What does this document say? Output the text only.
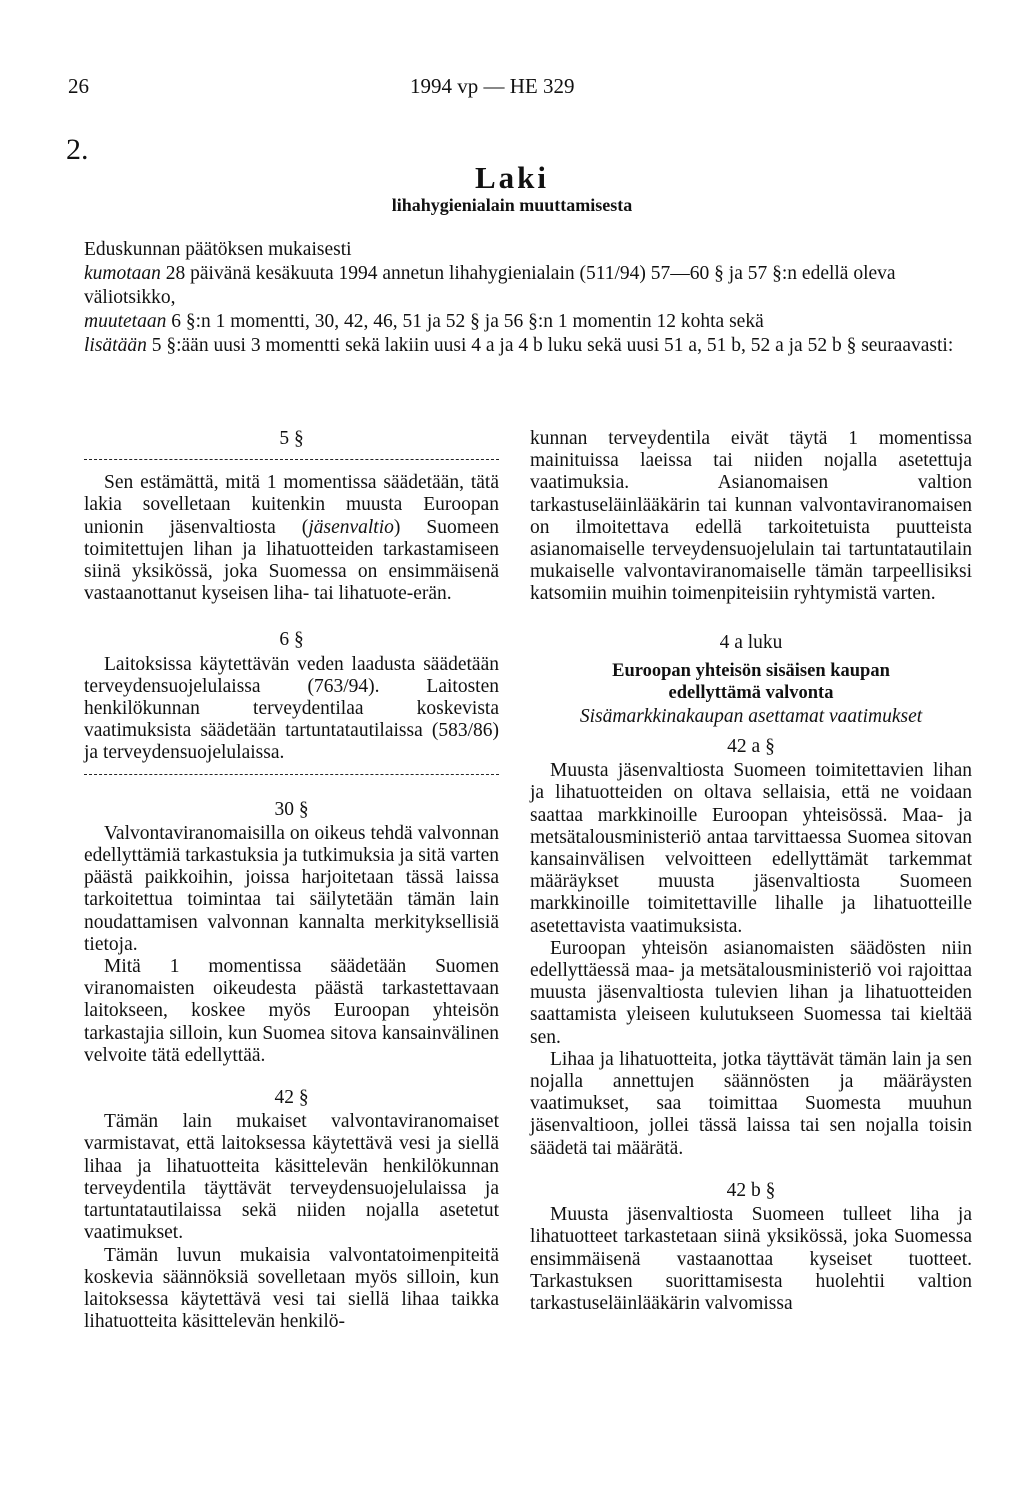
26	1994 vp — HE 329
2.
Laki
lihahygienialain muuttamisesta

Eduskunnan päätöksen mukaisesti

kumotaan 28 päivänä kesäkuuta 1994 annetun lihahygienialain (511/94) 57—60 § ja 57 §:n edellä oleva väliotsikko,

muutetaan 6 §:n 1 momentti, 30, 42, 46, 51 ja 52 § ja 56 §:n 1 momentin 12 kohta sekä

lisätään 5 §:ään uusi 3 momentti sekä lakiin uusi 4 a ja 4 b luku sekä uusi 51 a, 51 b, 52 a ja 52 b § seuraavasti:

5 §

Sen estämättä, mitä 1 momentissa säädetään, tätä lakia sovelletaan kuitenkin muusta Euroopan unionin jäsenvaltiosta (jäsenvaltio) Suomeen toimitettujen lihan ja lihatuotteiden tarkastamiseen siinä yksikössä, joka Suomessa on ensimmäisenä vastaanottanut kyseisen liha- tai lihatuote-erän.

6 §

Laitoksissa käytettävän veden laadusta säädetään terveydensuojelulaissa (763/94). Laitosten henkilökunnan terveydentilaa koskevista vaatimuksista säädetään tartuntatautilaissa (583/86) ja terveydensuojelulaissa.

30 §

Valvontaviranomaisilla on oikeus tehdä valvonnan edellyttämiä tarkastuksia ja tutkimuksia ja sitä varten päästä paikkoihin, joissa harjoitetaan tässä laissa tarkoitettua toimintaa tai säilytetään tämän lain noudattamisen valvonnan kannalta merkityksellisiä tietoja.

Mitä 1 momentissa säädetään Suomen viranomaisten oikeudesta päästä tarkastettavaan laitokseen, koskee myös Euroopan yhteisön tarkastajia silloin, kun Suomea sitova kansainvälinen velvoite tätä edellyttää.

42 §

Tämän lain mukaiset valvontaviranomaiset varmistavat, että laitoksessa käytettävä vesi ja siellä lihaa ja lihatuotteita käsittelevän henkilökunnan terveydentila täyttävät terveydensuojelulaissa ja tartuntatautilaissa sekä niiden nojalla asetetut vaatimukset.

Tämän luvun mukaisia valvontatoimenpiteitä koskevia säännöksiä sovelletaan myös silloin, kun laitoksessa käytettävä vesi tai siellä lihaa taikka lihatuotteita käsittelevän henkilö-

kunnan terveydentila eivät täytä 1 momentissa mainituissa laeissa tai niiden nojalla asetettuja vaatimuksia. Asianomaisen valtion tarkastuseläinlääkärin tai kunnan valvontaviranomaisen on ilmoitettava edellä tarkoitetuista puutteista asianomaiselle terveydensuojelulain tai tartuntatautilain mukaiselle valvontaviranomaiselle tämän tarpeellisiksi katsomiin muihin toimenpiteisiin ryhtymistä varten.

4 a luku
Euroopan yhteisön sisäisen kaupan
edellyttämä valvonta
Sisämarkkinakaupan asettamat vaatimukset
42 a §

Muusta jäsenvaltiosta Suomeen toimitettavien lihan ja lihatuotteiden on oltava sellaisia, että ne voidaan saattaa markkinoille Euroopan yhteisössä. Maa- ja metsätalousministeriö antaa tarvittaessa Suomea sitovan kansainvälisen velvoitteen edellyttämät tarkemmat määräykset muusta jäsenvaltiosta Suomeen markkinoille toimitettaville lihalle ja lihatuotteille asetettavista vaatimuksista.

Euroopan yhteisön asianomaisten säädösten niin edellyttäessä maa- ja metsätalousministeriö voi rajoittaa muusta jäsenvaltiosta tulevien lihan ja lihatuotteiden saattamista yleiseen kulutukseen Suomessa tai kieltää sen.

Lihaa ja lihatuotteita, jotka täyttävät tämän lain ja sen nojalla annettujen säännösten ja määräysten vaatimukset, saa toimittaa Suomesta muuhun jäsenvaltioon, jollei tässä laissa tai sen nojalla toisin säädetä tai määrätä.

42 b §

Muusta jäsenvaltiosta Suomeen tulleet liha ja lihatuotteet tarkastetaan siinä yksikössä, joka Suomessa ensimmäisenä vastaanottaa kyseiset tuotteet. Tarkastuksen suorittamisesta huolehtii valtion tarkastuseläinlääkärin valvomissa
